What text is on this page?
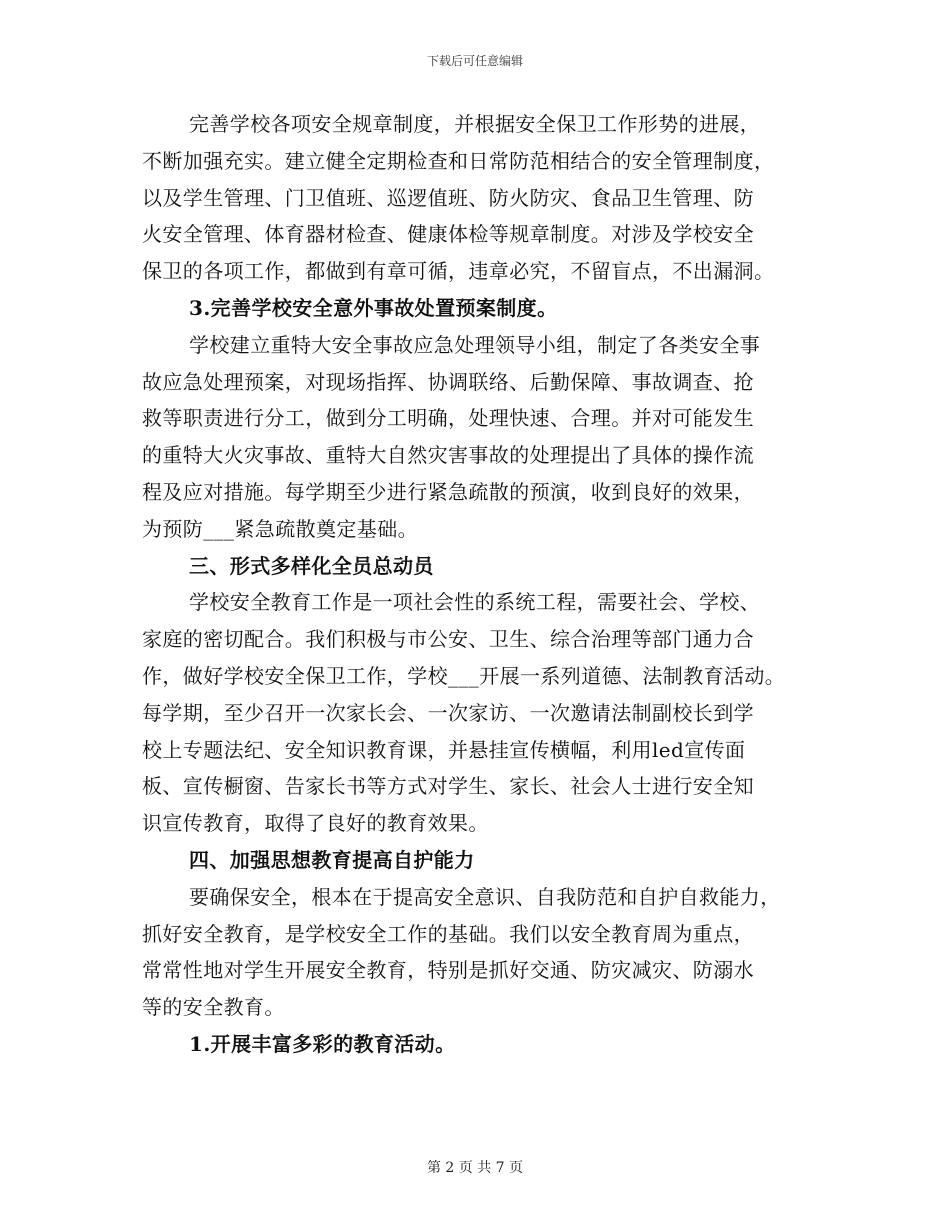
下载后可任意编辑
完善学校各项安全规章制度，并根据安全保卫工作形势的进展，
不断加强充实。建立健全定期检查和日常防范相结合的安全管理制度，
以及学生管理、门卫值班、巡逻值班、防火防灾、食品卫生管理、防
火安全管理、体育器材检查、健康体检等规章制度。对涉及学校安全
保卫的各项工作，都做到有章可循，违章必究，不留盲点，不出漏洞。
3.完善学校安全意外事故处置预案制度。
学校建立重特大安全事故应急处理领导小组，制定了各类安全事
故应急处理预案，对现场指挥、协调联络、后勤保障、事故调查、抢
救等职责进行分工，做到分工明确，处理快速、合理。并对可能发生
的重特大火灾事故、重特大自然灾害事故的处理提出了具体的操作流
程及应对措施。每学期至少进行紧急疏散的预演，收到良好的效果，
为预防___紧急疏散奠定基础。
三、形式多样化全员总动员
学校安全教育工作是一项社会性的系统工程，需要社会、学校、
家庭的密切配合。我们积极与市公安、卫生、综合治理等部门通力合
作，做好学校安全保卫工作，学校___开展一系列道德、法制教育活动。
每学期，至少召开一次家长会、一次家访、一次邀请法制副校长到学
校上专题法纪、安全知识教育课，并悬挂宣传横幅，利用led宣传面
板、宣传橱窗、告家长书等方式对学生、家长、社会人士进行安全知
识宣传教育，取得了良好的教育效果。
四、加强思想教育提高自护能力
要确保安全，根本在于提高安全意识、自我防范和自护自救能力，
抓好安全教育，是学校安全工作的基础。我们以安全教育周为重点，
常常性地对学生开展安全教育，特别是抓好交通、防灾减灾、防溺水
等的安全教育。
1.开展丰富多彩的教育活动。
第 2 页 共 7 页
